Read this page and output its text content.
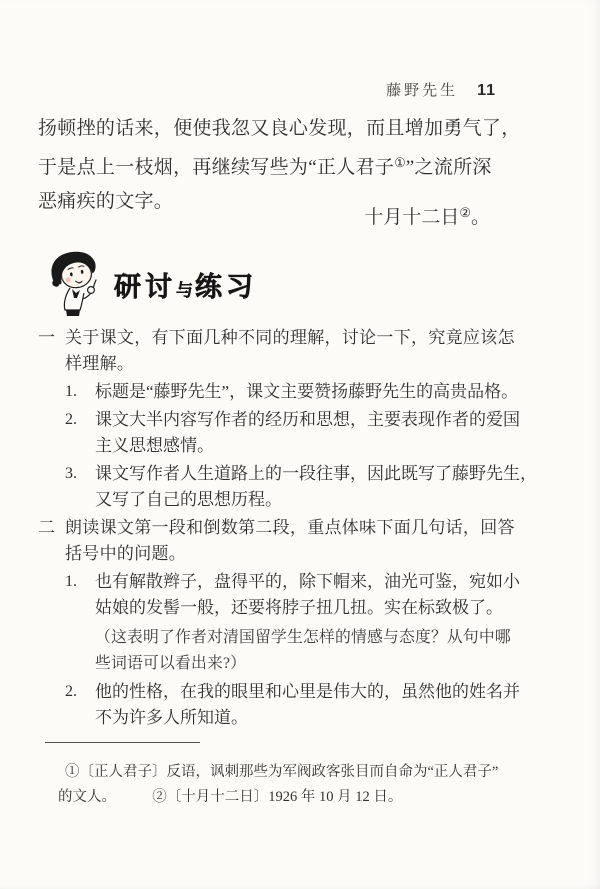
藤野先生 11
扬顿挫的话来，便使我忽又良心发现，而且增加勇气了，
于是点上一枝烟，再继续写些为“正人君子①”之流所深
恶痛疾的文字。
十月十二日②。
研讨与练习
一 关于课文，有下面几种不同的理解，讨论一下，究竟应该怎
样理解。
1.	标题是“藤野先生”，课文主要赞扬藤野先生的高贵品格。
2.	课文大半内容写作者的经历和思想，主要表现作者的爱国
主义思想感情。
3.	课文写作者人生道路上的一段往事，因此既写了藤野先生，
又写了自己的思想历程。
二 朗读课文第一段和倒数第二段，重点体味下面几句话，回答
括号中的问题。
1.	也有解散辫子，盘得平的，除下帽来，油光可鉴，宛如小
姑娘的发髻一般，还要将脖子扭几扭。实在标致极了。
（这表明了作者对清国留学生怎样的情感与态度？从句中哪
些词语可以看出来?）
2.	他的性格，在我的眼里和心里是伟大的，虽然他的姓名并
不为许多人所知道。
①〔正人君子〕反语，讽刺那些为军阀政客张目而自命为“正人君子”
的文人。　　　②〔十月十二日〕1926 年 10 月 12 日。
